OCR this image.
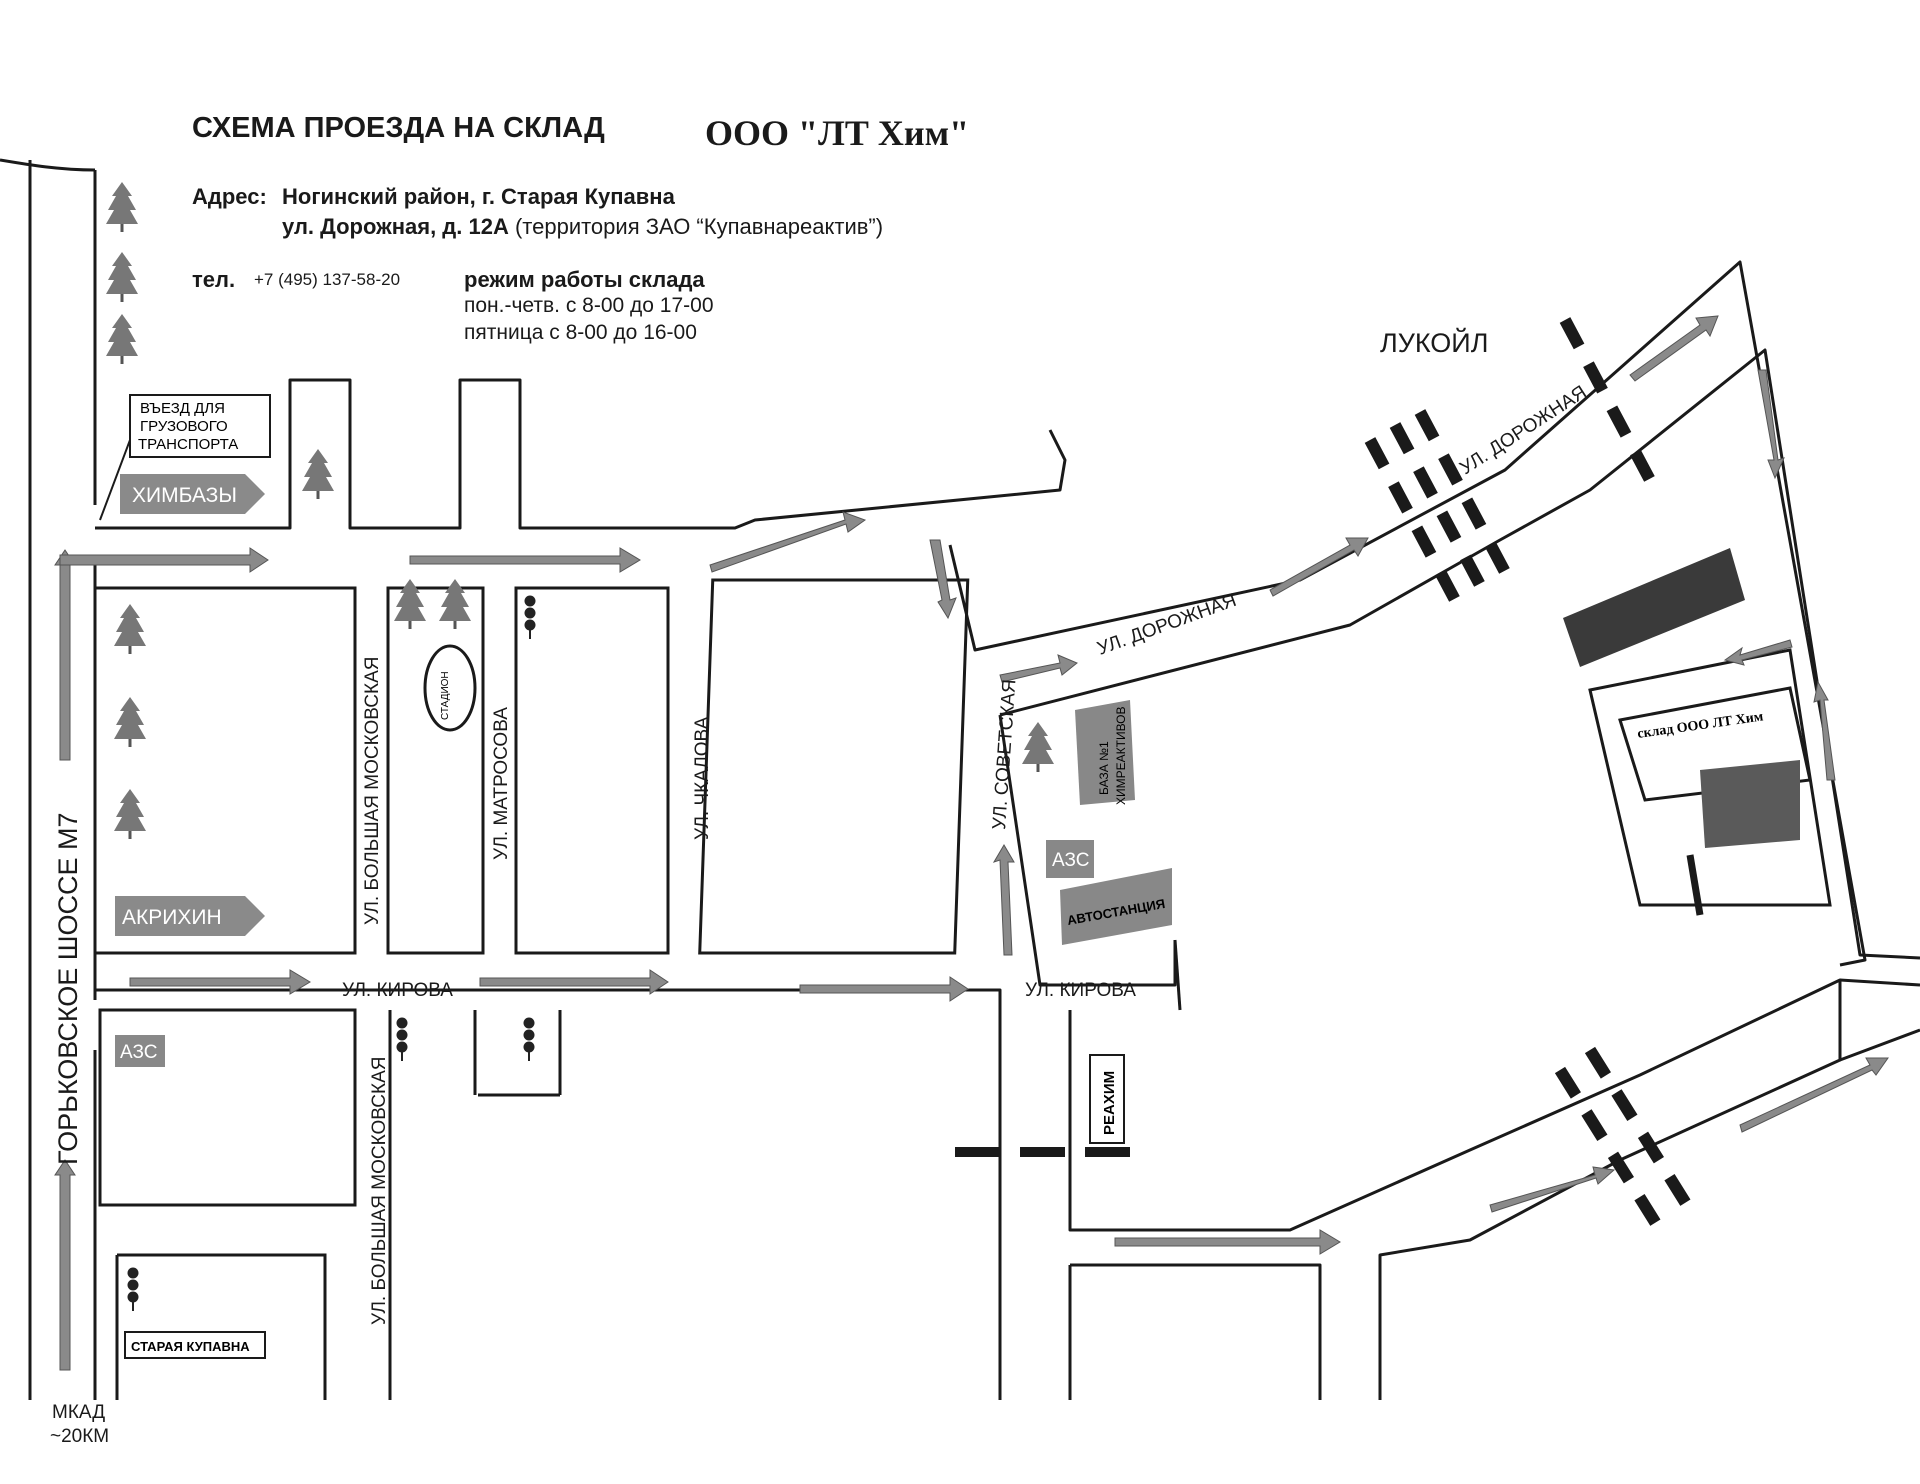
СХЕМА ПРОЕЗДА НА СКЛАД	ООО "ЛТ Хим"
Адрес: Ногинский район, г. Старая Купавна
ул. Дорожная, д. 12А (территория ЗАО “Купавнареактив”)
тел. +7 (495) 137-58-20	режим работы склада
пон.-четв. с 8-00 до 17-00
пятница с 8-00 до 16-00
ГОРЬКОВСКОЕ ШОССЕ М7
МКАД
~20КМ
ВЪЕЗД ДЛЯ
ГРУЗОВОГО
ТРАНСПОРТА
ХИМБАЗЫ
АКРИХИН	УЛ. БОЛЬШАЯ МОСКОВСКАЯ
УЛ. БОЛЬШАЯ МОСКОВСКАЯ
СТАДИОН
УЛ. МАТРОСОВА	УЛ. ЧКАЛОВА	УЛ. СОВЕТСКАЯ
УЛ. ДОРОЖНАЯ
УЛ. ДОРОЖНАЯ
УЛ. КИРОВА	УЛ. КИРОВА
ЛУКОЙЛ
БАЗА №1 ХИМРЕАКТИВОВ
АЗС
АВТОСТАНЦИЯ
РЕАХИМ
АЗС
СТАРАЯ КУПАВНА
склад ООО ЛТ Хим
